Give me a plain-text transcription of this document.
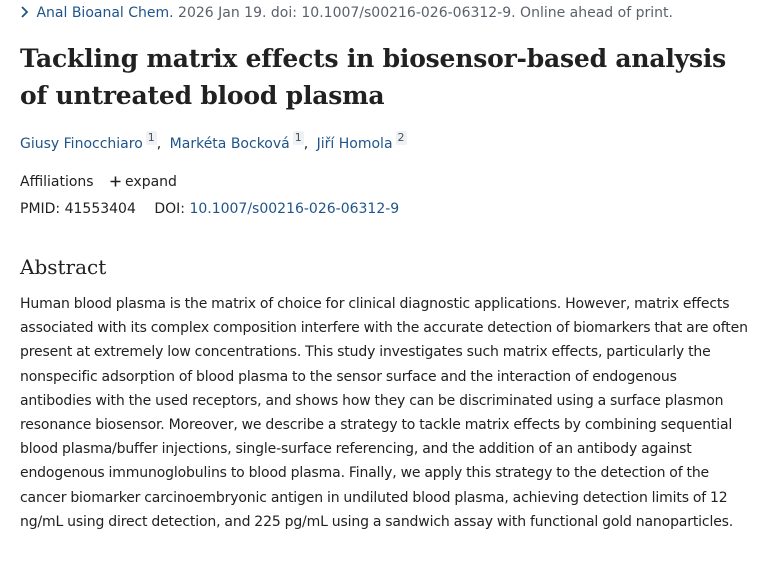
Anal Bioanal Chem. 2026 Jan 19. doi: 10.1007/s00216-026-06312-9. Online ahead of print.
Tackling matrix effects in biosensor-based analysis of untreated blood plasma
Giusy Finocchiaro 1 , Markéta Bocková 1 , Jiří Homola 2
Affiliations expand
PMID: 41553404 DOI: 10.1007/s00216-026-06312-9
Abstract

Human blood plasma is the matrix of choice for clinical diagnostic applications. However, matrix effects associated with its complex composition interfere with the accurate detection of biomarkers that are often present at extremely low concentrations. This study investigates such matrix effects, particularly the nonspecific adsorption of blood plasma to the sensor surface and the interaction of endogenous antibodies with the used receptors, and shows how they can be discriminated using a surface plasmon resonance biosensor. Moreover, we describe a strategy to tackle matrix effects by combining sequential blood plasma/buffer injections, single-surface referencing, and the addition of an antibody against endogenous immunoglobulins to blood plasma. Finally, we apply this strategy to the detection of the cancer biomarker carcinoembryonic antigen in undiluted blood plasma, achieving detection limits of 12 ng/mL using direct detection, and 225 pg/mL using a sandwich assay with functional gold nanoparticles.
